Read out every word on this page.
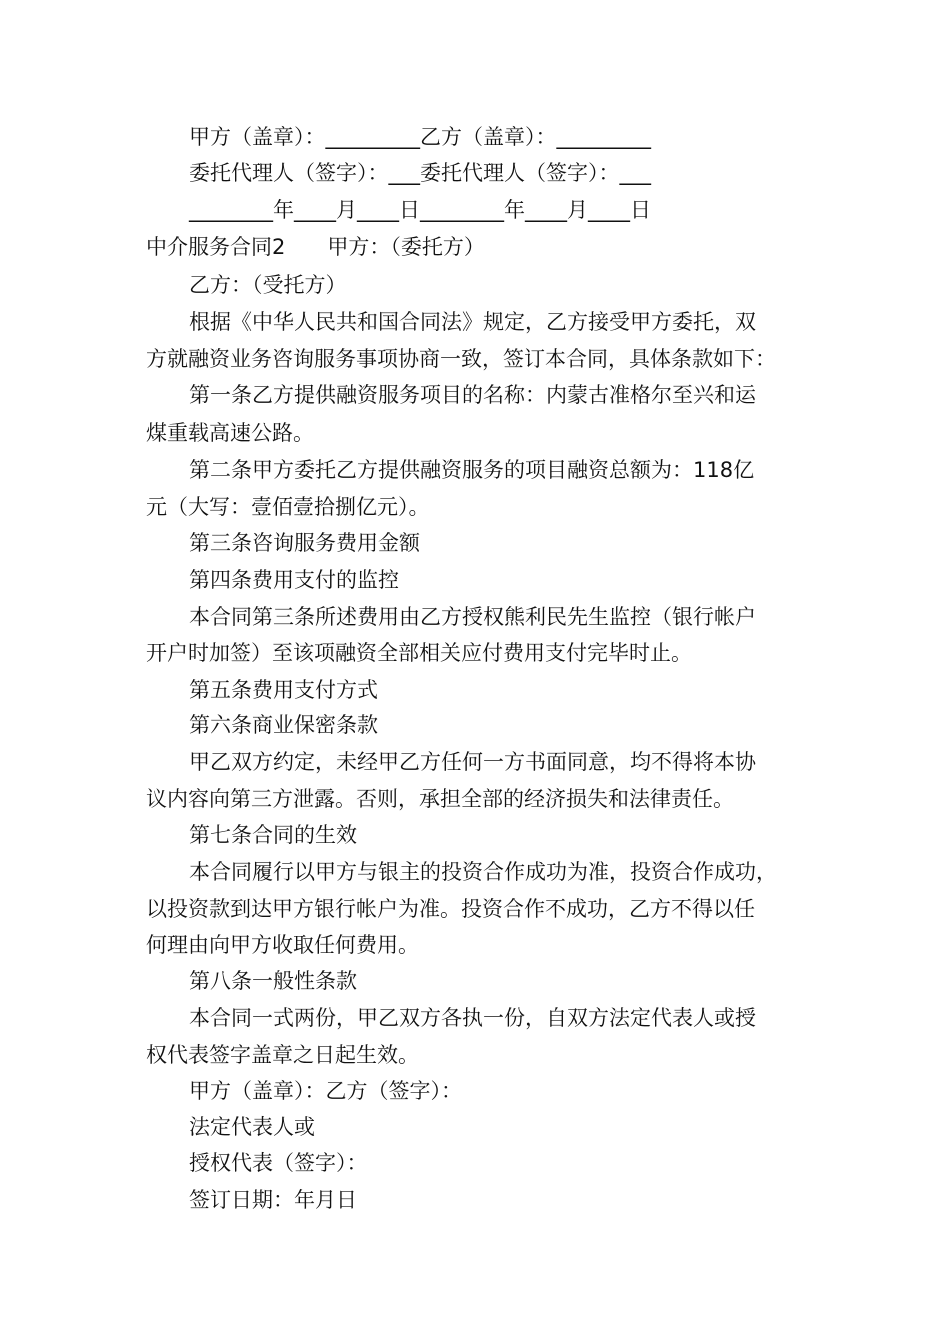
甲方（盖章）：_________乙方（盖章）：_________
委托代理人（签字）：___委托代理人（签字）：___
________年____月____日________年____月____日
中介服务合同2　　甲方：（委托方）
乙方：（受托方）
根据《中华人民共和国合同法》规定，乙方接受甲方委托，双
方就融资业务咨询服务事项协商一致，签订本合同，具体条款如下：
第一条乙方提供融资服务项目的名称：内蒙古准格尔至兴和运
煤重载高速公路。
第二条甲方委托乙方提供融资服务的项目融资总额为：118亿
元（大写：壹佰壹拾捌亿元）。
第三条咨询服务费用金额
第四条费用支付的监控
本合同第三条所述费用由乙方授权熊利民先生监控（银行帐户
开户时加签）至该项融资全部相关应付费用支付完毕时止。
第五条费用支付方式
第六条商业保密条款
甲乙双方约定，未经甲乙方任何一方书面同意，均不得将本协
议内容向第三方泄露。否则，承担全部的经济损失和法律责任。
第七条合同的生效
本合同履行以甲方与银主的投资合作成功为准，投资合作成功，
以投资款到达甲方银行帐户为准。投资合作不成功，乙方不得以任
何理由向甲方收取任何费用。
第八条一般性条款
本合同一式两份，甲乙双方各执一份，自双方法定代表人或授
权代表签字盖章之日起生效。
甲方（盖章）：乙方（签字）：
法定代表人或
授权代表（签字）：
签订日期：年月日
